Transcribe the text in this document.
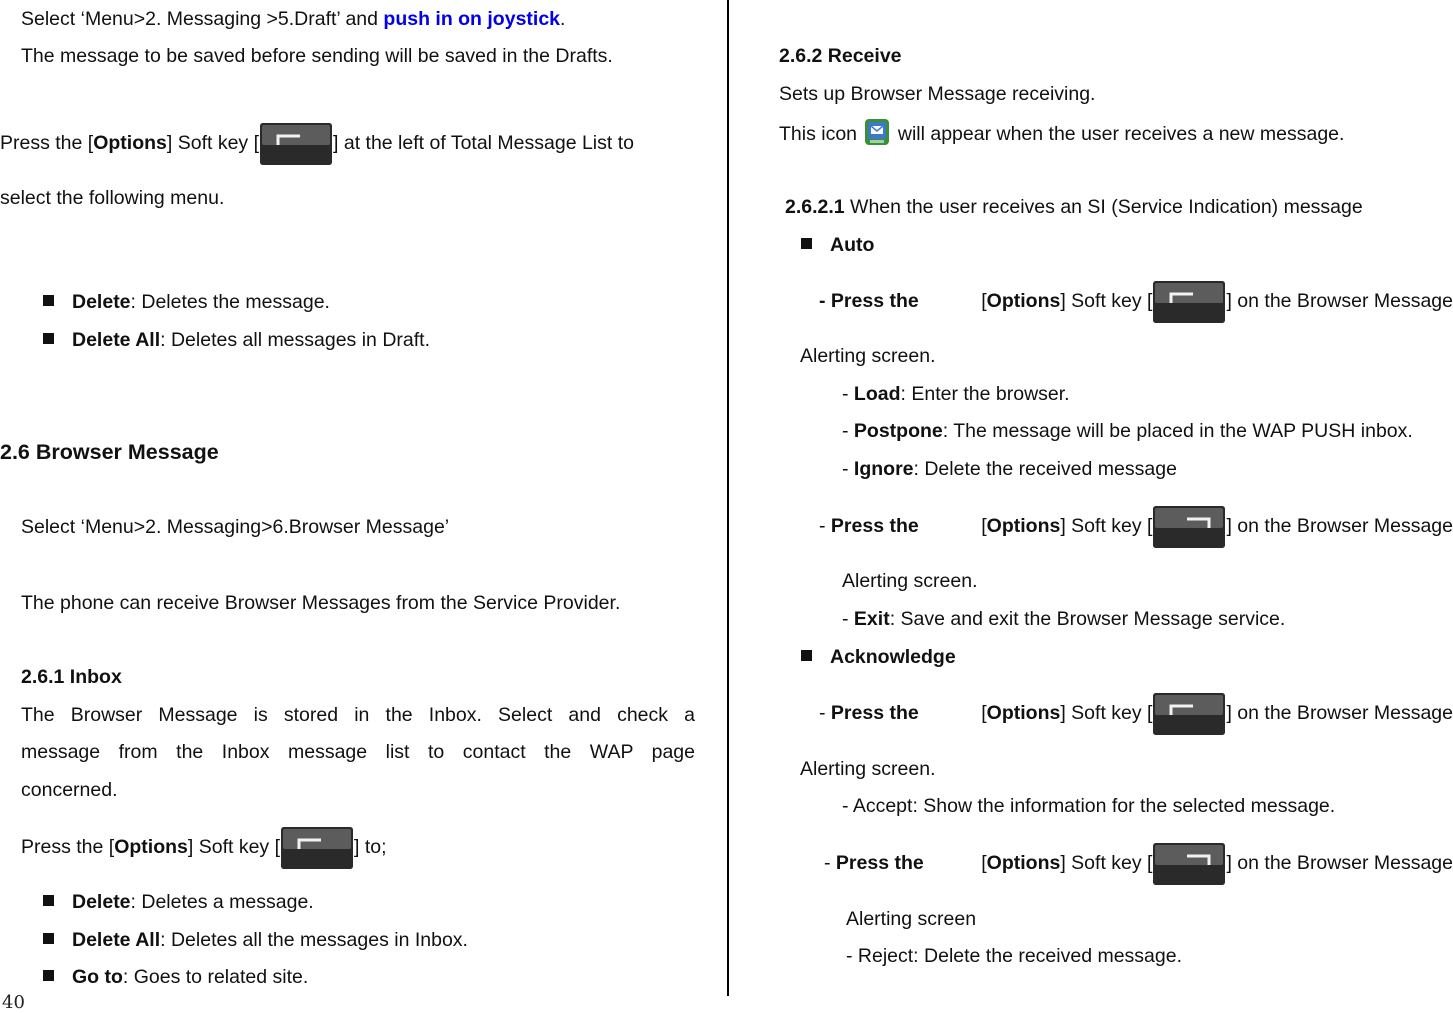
Select ‘Menu>2. Messaging >5.Draft’ and push in on joystick.
The message to be saved before sending will be saved in the Drafts.
Press the [Options] Soft key [	] at the left of Total Message List to
select the following menu.
Delete: Deletes the message.
Delete All: Deletes all messages in Draft.
2.6 Browser Message
Select ‘Menu>2. Messaging>6.Browser Message’
The phone can receive Browser Messages from the Service Provider.
2.6.1 Inbox
The Browser Message is stored in the Inbox. Select and check a
message from the Inbox message list to contact the WAP page
concerned.
Press the [Options] Soft key [	] to;
Delete: Deletes a message.
Delete All: Deletes all the messages in Inbox.
Go to: Goes to related site.
40
2.6.2 Receive
Sets up Browser Message receiving.
This icon  will appear when the user receives a new message.
2.6.2.1 When the user receives an SI (Service Indication) message
Auto
- Press the	[Options] Soft key [	] on the Browser Message
Alerting screen.
- Load: Enter the browser.
- Postpone: The message will be placed in the WAP PUSH inbox.
- Ignore: Delete the received message
- Press the	[Options] Soft key [	] on the Browser Message
Alerting screen.
- Exit: Save and exit the Browser Message service.
Acknowledge
- Press the	[Options] Soft key [	] on the Browser Message
Alerting screen.
- Accept: Show the information for the selected message.
- Press the	[Options] Soft key [	] on the Browser Message
Alerting screen
- Reject: Delete the received message.
